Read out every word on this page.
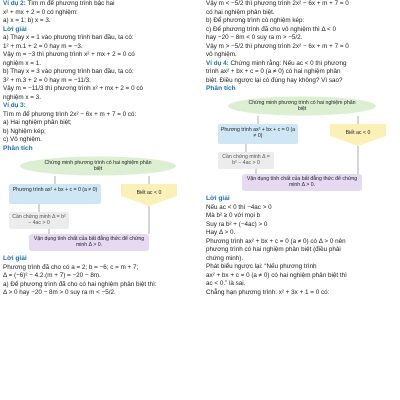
Ví dụ 2: Tìm m để phương trình bậc hai
x² + mx + 2 = 0 có nghiệm:
a) x = 1; b) x = 3.
Lời giải
a) Thay x = 1 vào phương trình ban đầu, ta có:
1² + m.1 + 2 = 0 hay m = −3.
Vậy m = −3 thì phương trình x² + mx + 2 = 0 có
nghiệm x = 1.
b) Thay x = 3 vào phương trình ban đầu, ta có:
3² + m.3 + 2 = 0 hay m = −11/3.
Vậy m = −11/3 thì phương trình x² + mx + 2 = 0 có
nghiệm x = 3.
Ví dụ 3:
Tìm m để phương trình 2x² − 6x + m + 7 = 0 có:
a) Hai nghiệm phân biệt;
b) Nghiệm kép;
c) Vô nghiệm.
Phân tích
Chứng minh phương trình có hai nghiệm phân biệt
Phương trình ax² + bx + c = 0 (a ≠ 0)	Biết ac < 0
Cần chứng minh Δ = b² − 4ac > 0
Vận dụng tính chất của bất đẳng thức để chứng minh Δ > 0.
Lời giải
Phương trình đã cho có a = 2; b = −6; c = m + 7;
Δ = (−6)² − 4.2.(m + 7) = −20 − 8m.
a) Để phương trình đã cho có hai nghiệm phân biệt thì:
Δ > 0 hay −20 − 8m > 0 suy ra m < −5/2.
Vậy m < −5/2 thì phương trình 2x² − 6x + m + 7 = 0
có hai nghiệm phân biệt.
b) Để phương trình có nghiệm kép:
c) Để phương trình đã cho vô nghiệm thì Δ < 0
hay −20 − 8m < 0 suy ra m > −5/2.
Vậy m > −5/2 thì phương trình 2x² − 6x + m + 7 = 0
vô nghiệm.
Ví dụ 4: Chứng minh rằng: Nếu ac < 0 thì phương
trình ax² + bx + c = 0 (a ≠ 0) có hai nghiệm phân
biệt. Điều ngược lại có đúng hay không? Vì sao?
Phân tích
Chứng minh phương trình có hai nghiệm phân biệt
Phương trình ax² + bx + c = 0 (a ≠ 0)
Biết ac < 0
Cần chứng minh Δ = b² − 4ac > 0
Vận dụng tính chất của bất đẳng thức để chứng minh Δ > 0.
Lời giải
Nếu ac < 0 thì −4ac > 0
Mà b² ≥ 0 với mọi b
Suy ra b² + (−4ac) > 0
Hay Δ > 0.
Phương trình ax² + bx + c = 0 (a ≠ 0) có Δ > 0 nên
phương trình có hai nghiệm phân biệt (điều phải
chứng minh).
Phát biểu ngược lại: “Nếu phương trình
ax² + bx + c = 0 (a ≠ 0) có hai nghiệm phân biệt thì
ac < 0.” là sai.
Chẳng hạn phương trình: x² + 3x + 1 = 0 có:
